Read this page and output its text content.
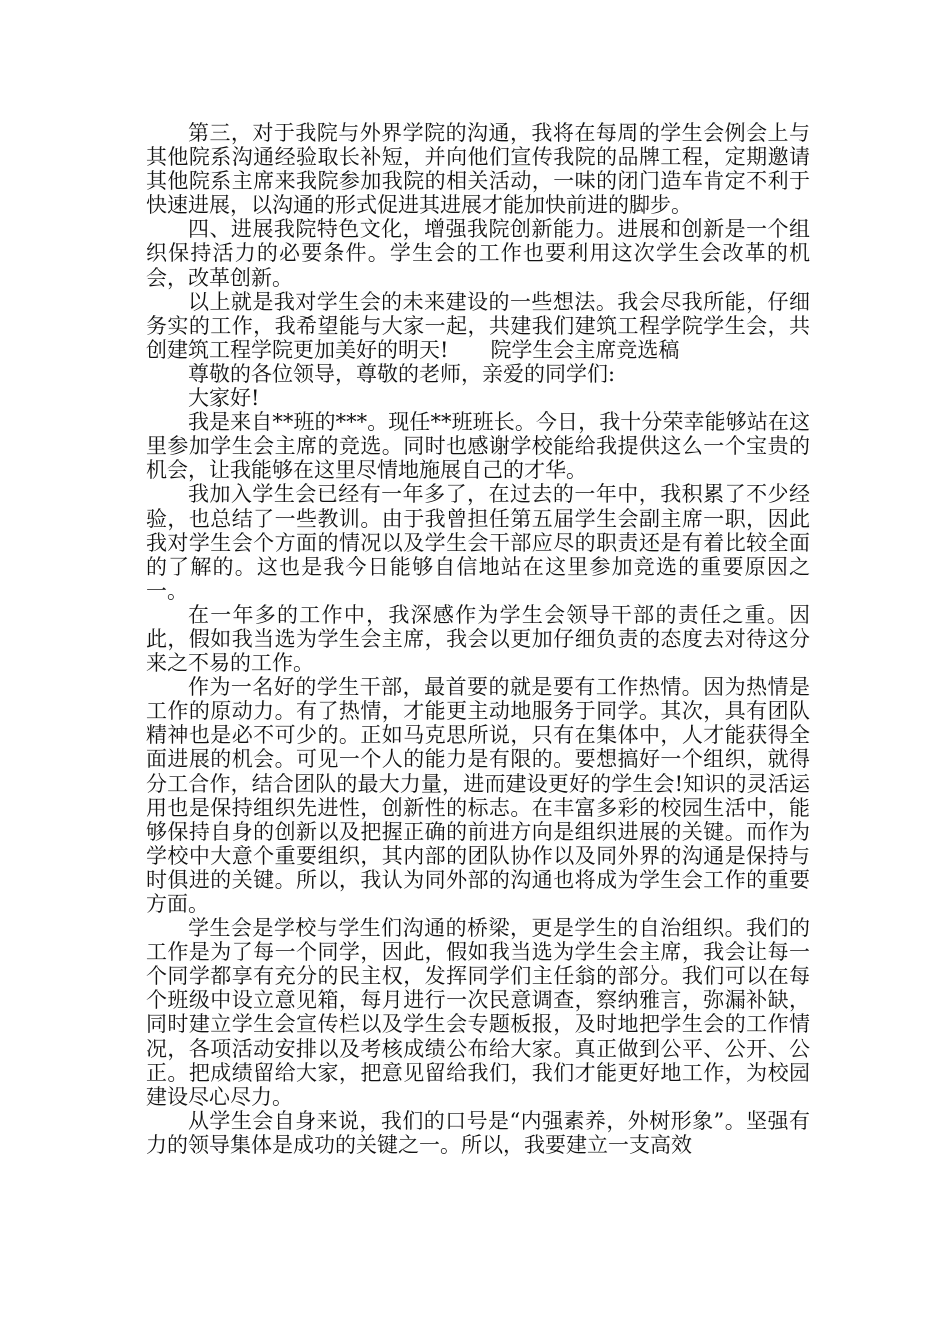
第三，对于我院与外界学院的沟通，我将在每周的学生会例会上与其他院系沟通经验取长补短，并向他们宣传我院的品牌工程，定期邀请其他院系主席来我院参加我院的相关活动，一味的闭门造车肯定不利于快速进展，以沟通的形式促进其进展才能加快前进的脚步。

四、进展我院特色文化，增强我院创新能力。进展和创新是一个组织保持活力的必要条件。学生会的工作也要利用这次学生会改革的机会，改革创新。

以上就是我对学生会的未来建设的一些想法。我会尽我所能，仔细务实的工作，我希望能与大家一起，共建我们建筑工程学院学生会，共创建筑工程学院更加美好的明天!　　院学生会主席竞选稿

尊敬的各位领导，尊敬的老师，亲爱的同学们:

大家好!

我是来自**班的***。现任**班班长。今日，我十分荣幸能够站在这里参加学生会主席的竞选。同时也感谢学校能给我提供这么一个宝贵的机会，让我能够在这里尽情地施展自己的才华。

我加入学生会已经有一年多了，在过去的一年中，我积累了不少经验，也总结了一些教训。由于我曾担任第五届学生会副主席一职，因此我对学生会个方面的情况以及学生会干部应尽的职责还是有着比较全面的了解的。这也是我今日能够自信地站在这里参加竞选的重要原因之一。

在一年多的工作中，我深感作为学生会领导干部的责任之重。因此，假如我当选为学生会主席，我会以更加仔细负责的态度去对待这分来之不易的工作。

作为一名好的学生干部，最首要的就是要有工作热情。因为热情是工作的原动力。有了热情，才能更主动地服务于同学。其次，具有团队精神也是必不可少的。正如马克思所说，只有在集体中，人才能获得全面进展的机会。可见一个人的能力是有限的。要想搞好一个组织，就得分工合作，结合团队的最大力量，进而建设更好的学生会!知识的灵活运用也是保持组织先进性，创新性的标志。在丰富多彩的校园生活中，能够保持自身的创新以及把握正确的前进方向是组织进展的关键。而作为学校中大意个重要组织，其内部的团队协作以及同外界的沟通是保持与时俱进的关键。所以，我认为同外部的沟通也将成为学生会工作的重要方面。

学生会是学校与学生们沟通的桥梁，更是学生的自治组织。我们的工作是为了每一个同学，因此，假如我当选为学生会主席，我会让每一个同学都享有充分的民主权，发挥同学们主任翁的部分。我们可以在每个班级中设立意见箱，每月进行一次民意调查，察纳雅言，弥漏补缺，同时建立学生会宣传栏以及学生会专题板报，及时地把学生会的工作情况，各项活动安排以及考核成绩公布给大家。真正做到公平、公开、公正。把成绩留给大家，把意见留给我们，我们才能更好地工作，为校园建设尽心尽力。

从学生会自身来说，我们的口号是“内强素养，外树形象”。坚强有力的领导集体是成功的关键之一。所以，我要建立一支高效
